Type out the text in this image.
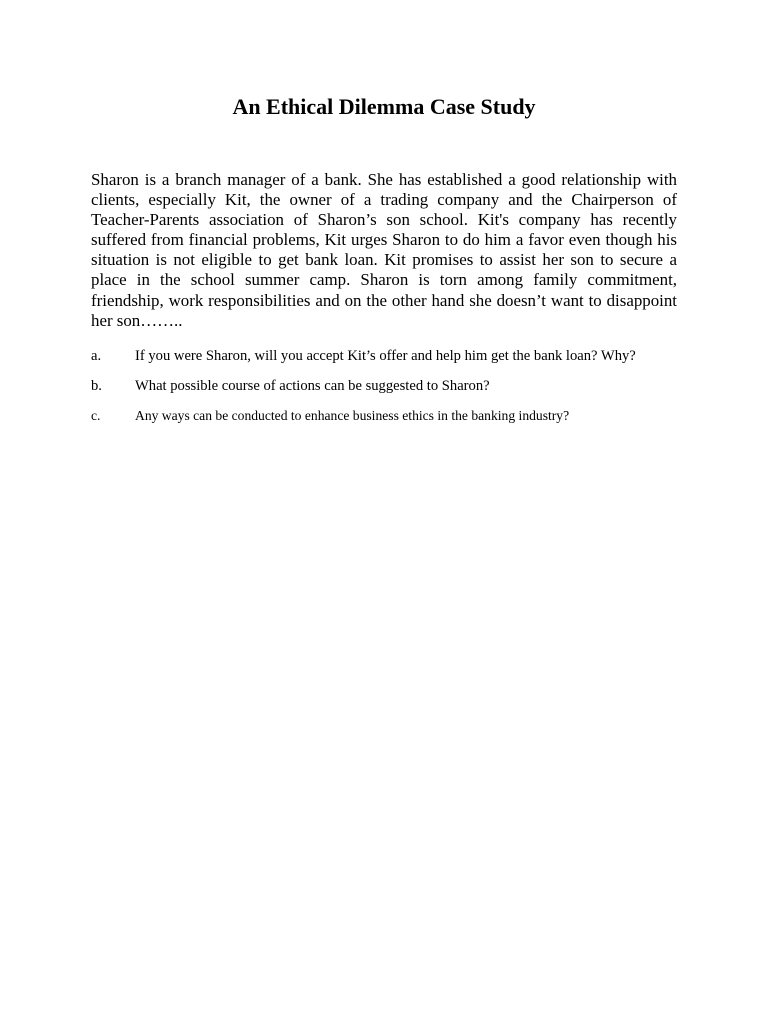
An Ethical Dilemma Case Study
Sharon is a branch manager of a bank. She has established a good relationship with clients, especially Kit, the owner of a trading company and the Chairperson of Teacher-Parents association of Sharon’s son school. Kit's company has recently suffered from financial problems, Kit urges Sharon to do him a favor even though his situation is not eligible to get bank loan. Kit promises to assist her son to secure a place in the school summer camp. Sharon is torn among family commitment, friendship, work responsibilities and on the other hand she doesn’t want to disappoint her son……..
a. If you were Sharon, will you accept Kit’s offer and help him get the bank loan? Why?
b. What possible course of actions can be suggested to Sharon?
c.	Any ways can be conducted to enhance business ethics in the banking industry?
